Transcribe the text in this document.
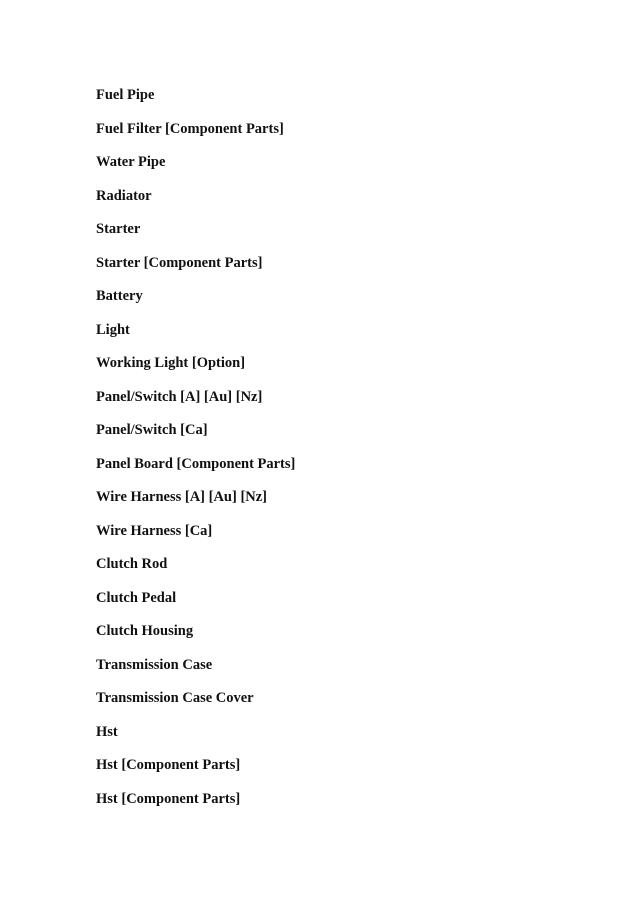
Fuel Pipe
Fuel Filter [Component Parts]
Water Pipe
Radiator
Starter
Starter [Component Parts]
Battery
Light
Working Light [Option]
Panel/Switch [A] [Au] [Nz]
Panel/Switch [Ca]
Panel Board [Component Parts]
Wire Harness [A] [Au] [Nz]
Wire Harness [Ca]
Clutch Rod
Clutch Pedal
Clutch Housing
Transmission Case
Transmission Case Cover
Hst
Hst [Component Parts]
Hst [Component Parts]
